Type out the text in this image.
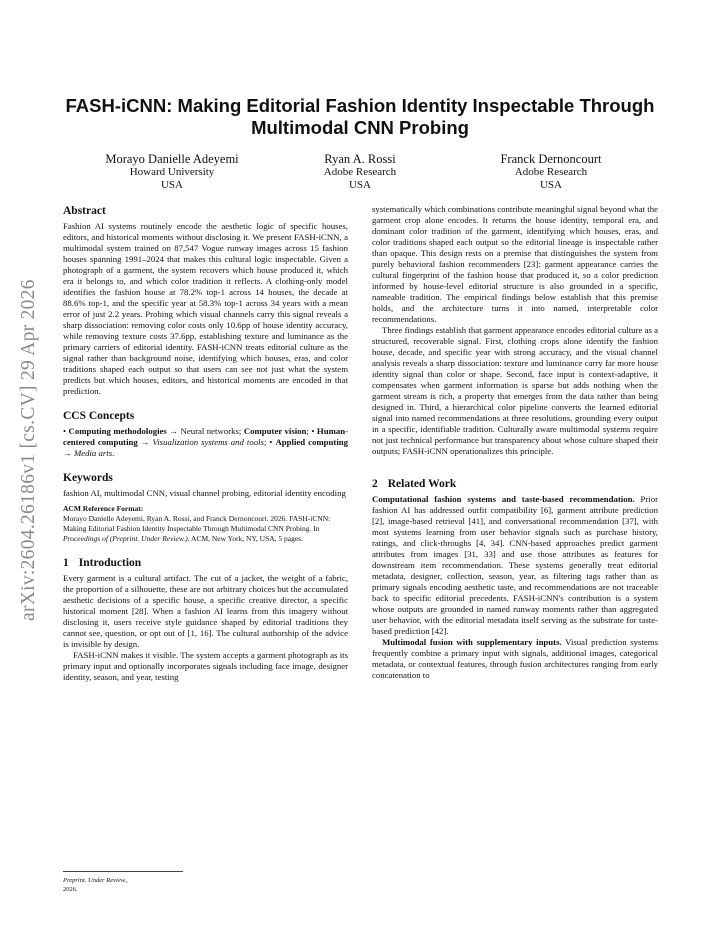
arXiv:2604.26186v1 [cs.CV] 29 Apr 2026
FASH-iCNN: Making Editorial Fashion Identity Inspectable Through Multimodal CNN Probing
Morayo Danielle Adeyemi
Howard University
USA
Ryan A. Rossi
Adobe Research
USA
Franck Dernoncourt
Adobe Research
USA
Abstract

Fashion AI systems routinely encode the aesthetic logic of specific houses, editors, and historical moments without disclosing it. We present FASH-iCNN, a multimodal system trained on 87,547 Vogue runway images across 15 fashion houses spanning 1991–2024 that makes this cultural logic inspectable. Given a photograph of a garment, the system recovers which house produced it, which era it belongs to, and which color tradition it reflects. A clothing-only model identifies the fashion house at 78.2% top-1 across 14 houses, the decade at 88.6% top-1, and the specific year at 58.3% top-1 across 34 years with a mean error of just 2.2 years. Probing which visual channels carry this signal reveals a sharp dissociation: removing color costs only 10.6pp of house identity accuracy, while removing texture costs 37.6pp, establishing texture and luminance as the primary carriers of editorial identity. FASH-iCNN treats editorial culture as the signal rather than background noise, identifying which houses, eras, and color traditions shaped each output so that users can see not just what the system predicts but which houses, editors, and historical moments are encoded in that prediction.

CCS Concepts
• Computing methodologies → Neural networks; Computer vision; • Human-centered computing → Visualization systems and tools; • Applied computing → Media arts.
Keywords

fashion AI, multimodal CNN, visual channel probing, editorial identity encoding

ACM Reference Format:
Morayo Danielle Adeyemi, Ryan A. Rossi, and Franck Dernoncourt. 2026. FASH-iCNN: Making Editorial Fashion Identity Inspectable Through Multimodal CNN Probing. In Proceedings of (Preprint. Under Review.). ACM, New York, NY, USA, 5 pages.
1 Introduction

Every garment is a cultural artifact. The cut of a jacket, the weight of a fabric, the proportion of a silhouette, these are not arbitrary choices but the accumulated aesthetic decisions of a specific house, a specific creative director, a specific historical moment [28]. When a fashion AI learns from this imagery without disclosing it, users receive style guidance shaped by editorial traditions they cannot see, question, or opt out of [1, 16]. The cultural authorship of the advice is invisible by design.

FASH-iCNN makes it visible. The system accepts a garment photograph as its primary input and optionally incorporates signals including face image, designer identity, season, and year, testing

systematically which combinations contribute meaningful signal beyond what the garment crop alone encodes. It returns the house identity, temporal era, and dominant color tradition of the garment, identifying which houses, eras, and color traditions shaped each output so the editorial lineage is inspectable rather than opaque. This design rests on a premise that distinguishes the system from purely behavioral fashion recommenders [23]: garment appearance carries the cultural fingerprint of the fashion house that produced it, so a color prediction informed by house-level editorial structure is also grounded in a specific, nameable tradition. The empirical findings below establish that this premise holds, and the architecture turns it into named, interpretable color recommendations.

Three findings establish that garment appearance encodes editorial culture as a structured, recoverable signal. First, clothing crops alone identify the fashion house, decade, and specific year with strong accuracy, and the visual channel analysis reveals a sharp dissociation: texture and luminance carry far more house identity signal than color or shape. Second, face input is context-adaptive, it compensates when garment information is sparse but adds nothing when the garment stream is rich, a property that emerges from the data rather than being designed in. Third, a hierarchical color pipeline converts the learned editorial signal into named recommendations at three resolutions, grounding every output in a specific, identifiable tradition. Culturally aware multimodal systems require not just technical performance but transparency about whose culture shaped their outputs; FASH-iCNN operationalizes this principle.

2 Related Work

Computational fashion systems and taste-based recommendation. Prior fashion AI has addressed outfit compatibility [6], garment attribute prediction [2], image-based retrieval [41], and conversational recommendation [37], with most systems learning from user behavior signals such as purchase history, ratings, and click-throughs [4, 34]. CNN-based approaches predict garment attributes from images [31, 33] and use those attributes as features for downstream item recommendation. These systems generally treat editorial metadata, designer, collection, season, year, as filtering tags rather than as primary signals encoding aesthetic taste, and recommendations are not traceable back to specific editorial precedents. FASH-iCNN's contribution is a system whose outputs are grounded in named runway moments rather than aggregated user behavior, with the editorial metadata itself serving as the substrate for taste-based prediction [42].

Multimodal fusion with supplementary inputs. Visual prediction systems frequently combine a primary input with signals, additional images, categorical metadata, or contextual features, through fusion architectures ranging from early concatenation to

Preprint. Under Review.,
2026.
